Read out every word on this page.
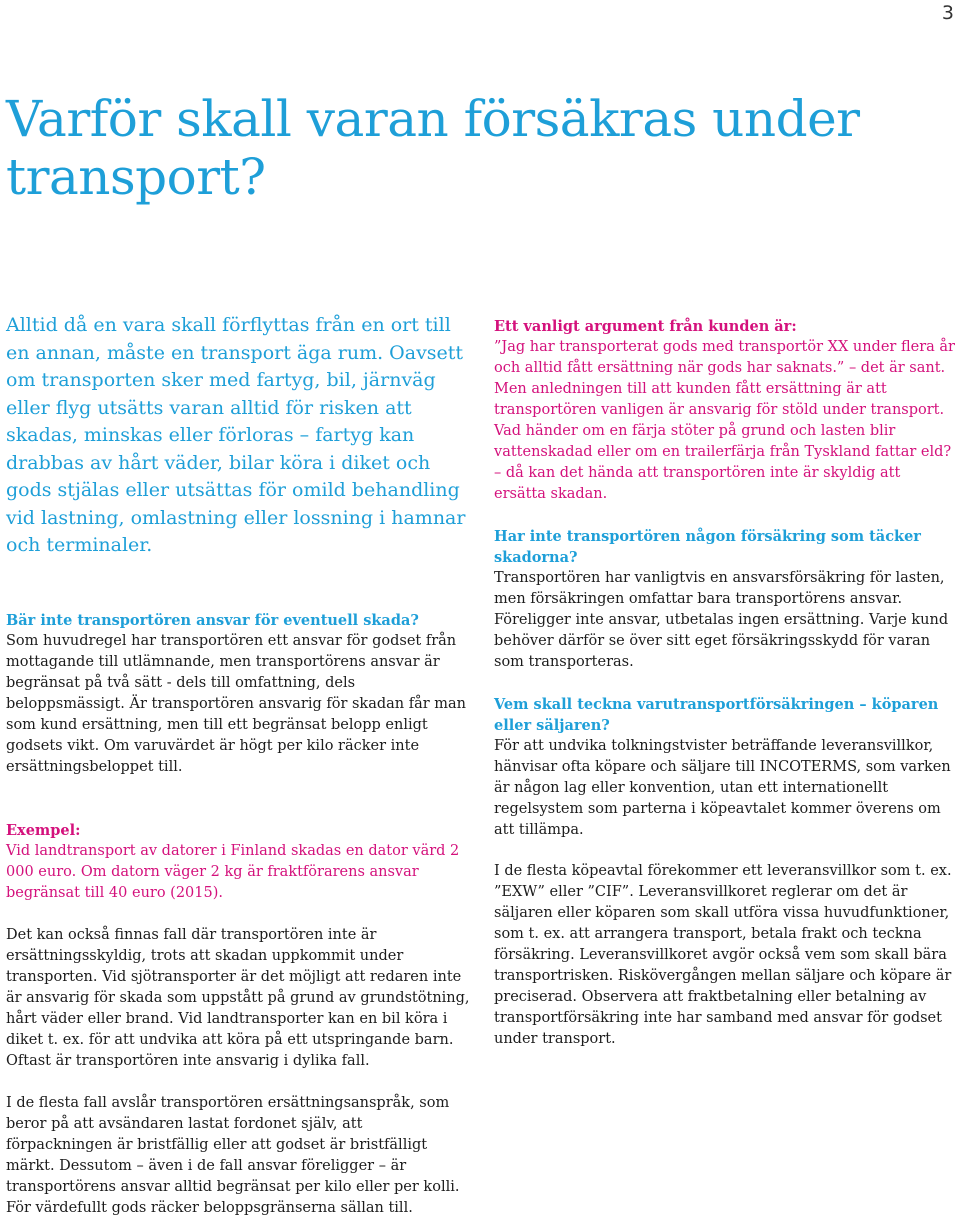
3
Varför skall varan försäkras under transport?

Alltid då en vara skall förflyttas från en ort till en annan, måste en transport äga rum. Oavsett om transporten sker med fartyg, bil, järnväg eller flyg utsätts varan alltid för risken att skadas, minskas eller förloras – fartyg kan drabbas av hårt väder, bilar köra i diket och gods stjälas eller utsättas för omild behandling vid lastning, omlastning eller lossning i hamnar och terminaler.

Bär inte transportören ansvar för eventuell skada?

Som huvudregel har transportören ett ansvar för godset från mottagande till utlämnande, men transportörens ansvar är begränsat på två sätt - dels till omfattning, dels beloppsmässigt. Är transportören ansvarig för skadan får man som kund ersättning, men till ett begränsat belopp enligt godsets vikt. Om varuvärdet är högt per kilo räcker inte ersättningsbeloppet till.

Exempel:

Vid landtransport av datorer i Finland skadas en dator värd 2 000 euro. Om datorn väger 2 kg är fraktförarens ansvar begränsat till 40 euro (2015).

Det kan också finnas fall där transportören inte är ersättningsskyldig, trots att skadan uppkommit under transporten. Vid sjötransporter är det möjligt att redaren inte är ansvarig för skada som uppstått på grund av grundstötning, hårt väder eller brand. Vid landtransporter kan en bil köra i diket t. ex. för att undvika att köra på ett utspringande barn. Oftast är transportören inte ansvarig i dylika fall.

I de flesta fall avslår transportören ersättningsanspråk, som beror på att avsändaren lastat fordonet själv, att förpackningen är bristfällig eller att godset är bristfälligt märkt. Dessutom – även i de fall ansvar föreligger – är transportörens ansvar alltid begränsat per kilo eller per kolli. För värdefullt gods räcker beloppsgränserna sällan till.

Ett vanligt argument från kunden är:

”Jag har transporterat gods med transportör XX under flera år och alltid fått ersättning när gods har saknats.” – det är sant. Men anledningen till att kunden fått ersättning är att transportören vanligen är ansvarig för stöld under transport. Vad händer om en färja stöter på grund och lasten blir vattenskadad eller om en trailerfärja från Tyskland fattar eld? – då kan det hända att transportören inte är skyldig att ersätta skadan.

Har inte transportören någon försäkring som täcker skadorna?

Transportören har vanligtvis en ansvarsförsäkring för lasten, men försäkringen omfattar bara transportörens ansvar. Föreligger inte ansvar, utbetalas ingen ersättning. Varje kund behöver därför se över sitt eget försäkringsskydd för varan som transporteras.

Vem skall teckna varutransportförsäkringen – köparen eller säljaren?

För att undvika tolkningstvister beträffande leveransvillkor, hänvisar ofta köpare och säljare till INCOTERMS, som varken är någon lag eller konvention, utan ett internationellt regelsystem som parterna i köpeavtalet kommer överens om att tillämpa.

I de flesta köpeavtal förekommer ett leveransvillkor som t. ex. ”EXW” eller ”CIF”. Leveransvillkoret reglerar om det är säljaren eller köparen som skall utföra vissa huvudfunktioner, som t. ex. att arrangera transport, betala frakt och teckna försäkring. Leveransvillkoret avgör också vem som skall bära transportrisken. Riskövergången mellan säljare och köpare är preciserad. Observera att fraktbetalning eller betalning av transportförsäkring inte har samband med ansvar för godset under transport.
